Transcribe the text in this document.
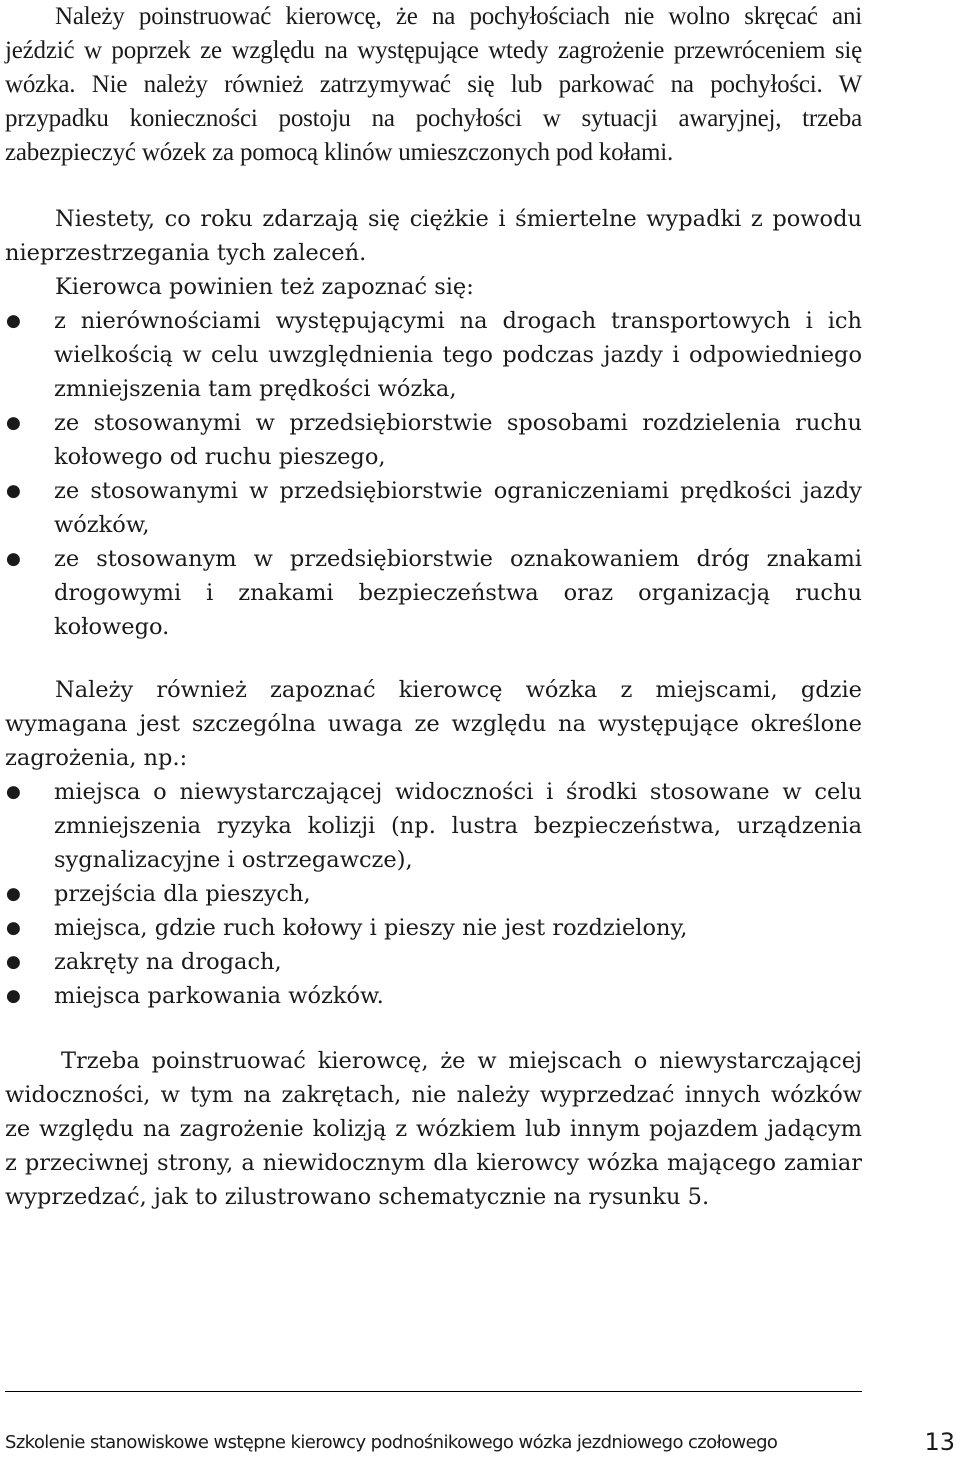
Należy poinstruować kierowcę, że na pochyłościach nie wolno skręcać ani jeździć w poprzek ze względu na występujące wtedy zagrożenie przewróceniem się wózka. Nie należy również zatrzymywać się lub parkować na pochyłości. W przypadku konieczności postoju na pochyłości w sytuacji awaryjnej, trzeba zabezpieczyć wózek za pomocą klinów umieszczonych pod kołami.

Niestety, co roku zdarzają się ciężkie i śmiertelne wypadki z powodu nieprzestrzegania tych zaleceń.

Kierowca powinien też zapoznać się:

● z nierównościami występującymi na drogach transportowych i ich wielkością w celu uwzględnienia tego podczas jazdy i odpowiedniego zmniejszenia tam prędkości wózka,
● ze stosowanymi w przedsiębiorstwie sposobami rozdzielenia ruchu kołowego od ruchu pieszego,
● ze stosowanymi w przedsiębiorstwie ograniczeniami prędkości jazdy wózków,
● ze stosowanym w przedsiębiorstwie oznakowaniem dróg znakami drogowymi i znakami bezpieczeństwa oraz organizacją ruchu kołowego.

Należy również zapoznać kierowcę wózka z miejscami, gdzie wymagana jest szczególna uwaga ze względu na występujące określone zagrożenia, np.:

● miejsca o niewystarczającej widoczności i środki stosowane w celu zmniejszenia ryzyka kolizji (np. lustra bezpieczeństwa, urządzenia sygnalizacyjne i ostrzegawcze),
● przejścia dla pieszych,
● miejsca, gdzie ruch kołowy i pieszy nie jest rozdzielony,
● zakręty na drogach,
● miejsca parkowania wózków.

Trzeba poinstruować kierowcę, że w miejscach o niewystarczającej widoczności, w tym na zakrętach, nie należy wyprzedzać innych wózków ze względu na zagrożenie kolizją z wózkiem lub innym pojazdem jadącym z przeciwnej strony, a niewidocznym dla kierowcy wózka mającego zamiar wyprzedzać, jak to zilustrowano schematycznie na rysunku 5.

Szkolenie stanowiskowe wstępne kierowcy podnośnikowego wózka jezdniowego czołowego	13
